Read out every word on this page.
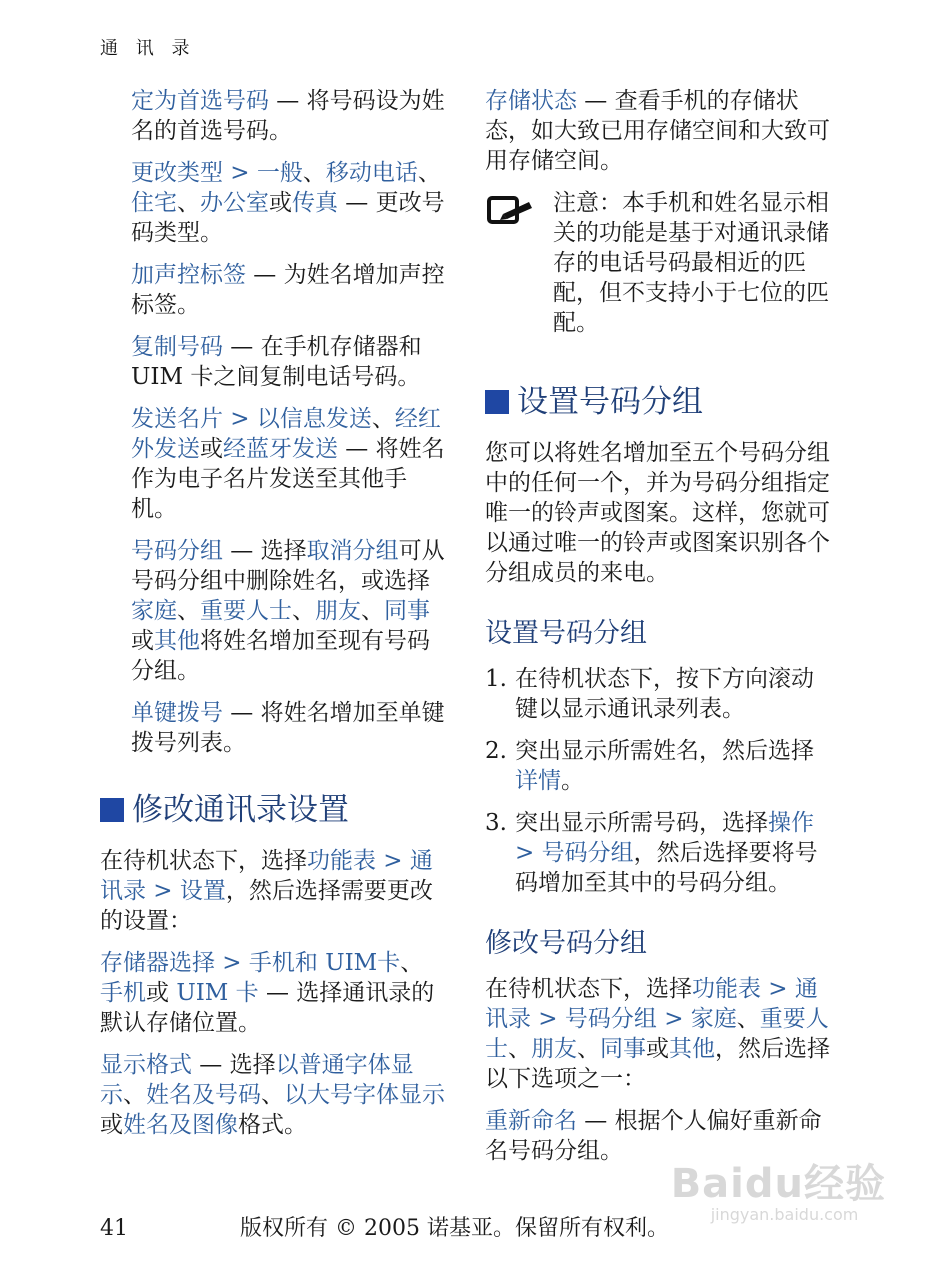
通 讯 录

定为首选号码 — 将号码设为姓名的首选号码。

更改类型 > 一般、移动电话、住宅、办公室或传真 — 更改号码类型。

加声控标签 — 为姓名增加声控标签。

复制号码 — 在手机存储器和 UIM 卡之间复制电话号码。

发送名片 > 以信息发送、经红外发送或经蓝牙发送 — 将姓名作为电子名片发送至其他手机。

号码分组 — 选择取消分组可从号码分组中删除姓名，或选择家庭、重要人士、朋友、同事或其他将姓名增加至现有号码分组。

单键拨号 — 将姓名增加至单键拨号列表。

修改通讯录设置

在待机状态下，选择功能表 > 通讯录 > 设置，然后选择需要更改的设置：

存储器选择 > 手机和 UIM卡、手机或 UIM 卡 — 选择通讯录的默认存储位置。

显示格式 — 选择以普通字体显示、姓名及号码、以大号字体显示或姓名及图像格式。

存储状态 — 查看手机的存储状态，如大致已用存储空间和大致可用存储空间。

注意：本手机和姓名显示相关的功能是基于对通讯录储存的电话号码最相近的匹配，但不支持小于七位的匹配。

设置号码分组

您可以将姓名增加至五个号码分组中的任何一个，并为号码分组指定唯一的铃声或图案。这样，您就可以通过唯一的铃声或图案识别各个分组成员的来电。

设置号码分组
1. 在待机状态下，按下方向滚动键以显示通讯录列表。
2. 突出显示所需姓名，然后选择详情。
3. 突出显示所需号码，选择操作 > 号码分组，然后选择要将号码增加至其中的号码分组。
修改号码分组

在待机状态下，选择功能表 > 通讯录 > 号码分组 > 家庭、重要人士、朋友、同事或其他，然后选择以下选项之一：

重新命名 — 根据个人偏好重新命名号码分组。

Baidu经验
jingyan.baidu.com
41	版权所有 © 2005 诺基亚。保留所有权利。
